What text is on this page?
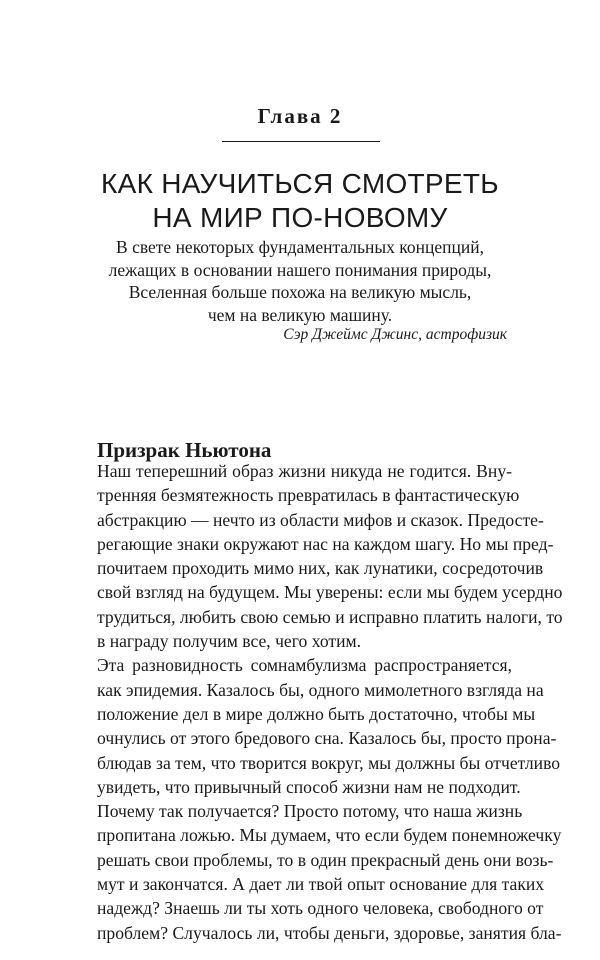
Глава 2
КАК НАУЧИТЬСЯ СМОТРЕТЬ
НА МИР ПО-НОВОМУ
В свете некоторых фундаментальных концепций,
лежащих в основании нашего понимания природы,
Вселенная больше похожа на великую мысль,
чем на великую машину.
Сэр Джеймс Джинс, астрофизик
Призрак Ньютона
Наш теперешний образ жизни никуда не годится. Вну-
тренняя безмятежность превратилась в фантастическую
абстракцию — нечто из области мифов и сказок. Предосте-
регающие знаки окружают нас на каждом шагу. Но мы пред-
почитаем проходить мимо них, как лунатики, сосредоточив
свой взгляд на будущем. Мы уверены: если мы будем усердно
трудиться, любить свою семью и исправно платить налоги, то
в награду получим все, чего хотим.
Эта разновидность сомнамбулизма распространяется,
как эпидемия. Казалось бы, одного мимолетного взгляда на
положение дел в мире должно быть достаточно, чтобы мы
очнулись от этого бредового сна. Казалось бы, просто прона-
блюдав за тем, что творится вокруг, мы должны бы отчетливо
увидеть, что привычный способ жизни нам не подходит.
Почему так получается? Просто потому, что наша жизнь
пропитана ложью. Мы думаем, что если будем понемножечку
решать свои проблемы, то в один прекрасный день они возь-
мут и закончатся. А дает ли твой опыт основание для таких
надежд? Знаешь ли ты хоть одного человека, свободного от
проблем? Случалось ли, чтобы деньги, здоровье, занятия бла-
